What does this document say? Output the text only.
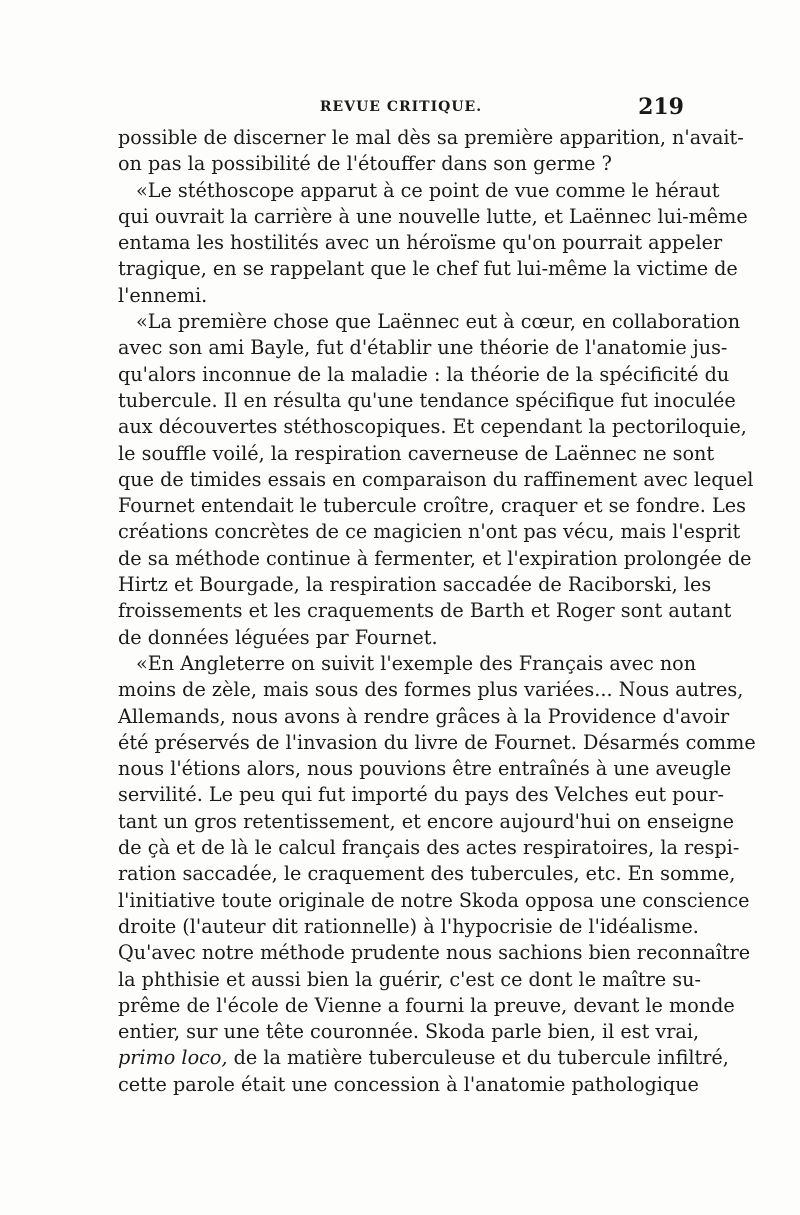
REVUE CRITIQUE.	219
possible de discerner le mal dès sa première apparition, n'avait-
on pas la possibilité de l'étouffer dans son germe ?
«Le stéthoscope apparut à ce point de vue comme le héraut
qui ouvrait la carrière à une nouvelle lutte, et Laënnec lui-même
entama les hostilités avec un héroïsme qu'on pourrait appeler
tragique, en se rappelant que le chef fut lui-même la victime de
l'ennemi.
«La première chose que Laënnec eut à cœur, en collaboration
avec son ami Bayle, fut d'établir une théorie de l'anatomie jus-
qu'alors inconnue de la maladie : la théorie de la spécificité du
tubercule. Il en résulta qu'une tendance spécifique fut inoculée
aux découvertes stéthoscopiques. Et cependant la pectoriloquie,
le souffle voilé, la respiration caverneuse de Laënnec ne sont
que de timides essais en comparaison du raffinement avec lequel
Fournet entendait le tubercule croître, craquer et se fondre. Les
créations concrètes de ce magicien n'ont pas vécu, mais l'esprit
de sa méthode continue à fermenter, et l'expiration prolongée de
Hirtz et Bourgade, la respiration saccadée de Raciborski, les
froissements et les craquements de Barth et Roger sont autant
de données léguées par Fournet.
«En Angleterre on suivit l'exemple des Français avec non
moins de zèle, mais sous des formes plus variées... Nous autres,
Allemands, nous avons à rendre grâces à la Providence d'avoir
été préservés de l'invasion du livre de Fournet. Désarmés comme
nous l'étions alors, nous pouvions être entraînés à une aveugle
servilité. Le peu qui fut importé du pays des Velches eut pour-
tant un gros retentissement, et encore aujourd'hui on enseigne
de çà et de là le calcul français des actes respiratoires, la respi-
ration saccadée, le craquement des tubercules, etc. En somme,
l'initiative toute originale de notre Skoda opposa une conscience
droite (l'auteur dit rationnelle) à l'hypocrisie de l'idéalisme.
Qu'avec notre méthode prudente nous sachions bien reconnaître
la phthisie et aussi bien la guérir, c'est ce dont le maître su-
prême de l'école de Vienne a fourni la preuve, devant le monde
entier, sur une tête couronnée. Skoda parle bien, il est vrai,
primo loco, de la matière tuberculeuse et du tubercule infiltré,
cette parole était une concession à l'anatomie pathologique
